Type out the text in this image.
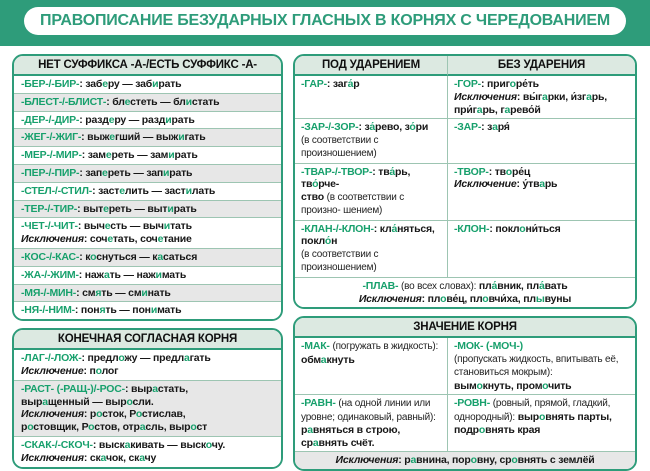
ПРАВОПИСАНИЕ БЕЗУДАРНЫХ ГЛАСНЫХ В КОРНЯХ С ЧЕРЕДОВАНИЕМ
НЕТ СУФФИКСА -А-/ЕСТЬ СУФФИКС -А-
-БЕР-/-БИР-: заберу — забирать
-БЛЕСТ-/-БЛИСТ-: блестеть — блистать
-ДЕР-/-ДИР-: раздеру — раздирать
-ЖЕГ-/-ЖИГ-: выжегший — выжигать
-МЕР-/-МИР-: замереть — замирать
-ПЕР-/-ПИР-: запереть — запирать
-СТЕЛ-/-СТИЛ-: застелить — застилать
-ТЕР-/-ТИР-: вытереть — вытирать
-ЧЕТ-/-ЧИТ-: вычесть — вычитать
Исключения: сочетать, сочетание
-КОС-/-КАС-: коснуться — касаться
-ЖА-/-ЖИМ-: нажать — нажимать
-МЯ-/-МИН-: смять — сминать
-НЯ-/-НИМ-: понять — понимать
КОНЕЧНАЯ СОГЛАСНАЯ КОРНЯ
-ЛАГ-/-ЛОЖ-: предложу — предлагать
Исключение: полог
-РАСТ- (-РАЩ-)/-РОС-: вырастать,
выращенный — выросли.
Исключения: росток, Ростислав,
ростовщик, Ростов, отрасль, вырост
-СКАК-/-СКОЧ-: выскакивать — выскочу.
Исключения: скачок, скачу
ПОД УДАРЕНИЕМ	БЕЗ УДАРЕНИЯ
-ГАР-: зага́р	-ГОР-: пригоре́ть
Исключения: вы́гарки, и́згарь,
при́гарь, гарево́й
-ЗАР-/-ЗОР-: за́рево, зо́ри
(в соответствии с произношением)
-ЗАР-: заря́
-ТВАР-/-ТВОР-: тва́рь, тво́рче-
ство (в соответствии с произно- шением)
-ТВОР-: творе́ц
Исключение: у́тварь
-КЛАН-/-КЛОН-: кла́няться,
покло́н
(в соответствии с произношением)
-КЛОН-: поклони́ться
-ПЛАВ- (во всех словах): пла́вник, пла́вать
Исключения: плове́ц, пловчи́ха, плывуны
ЗНАЧЕНИЕ КОРНЯ
-МАК- (погружать в жидкость):
обмакнуть
-МОК- (-МОЧ-)
(пропускать жидкость, впитывать её, становиться мокрым):
вымокнуть, промочить
-РАВН- (на одной линии или уровне; одинаковый, равный): равняться в строю, сравнять счёт.
-РОВН- (ровный, прямой, гладкий, однородный): выровнять парты, подровнять края
Исключения: равнина, поровну, сровнять с землёй
